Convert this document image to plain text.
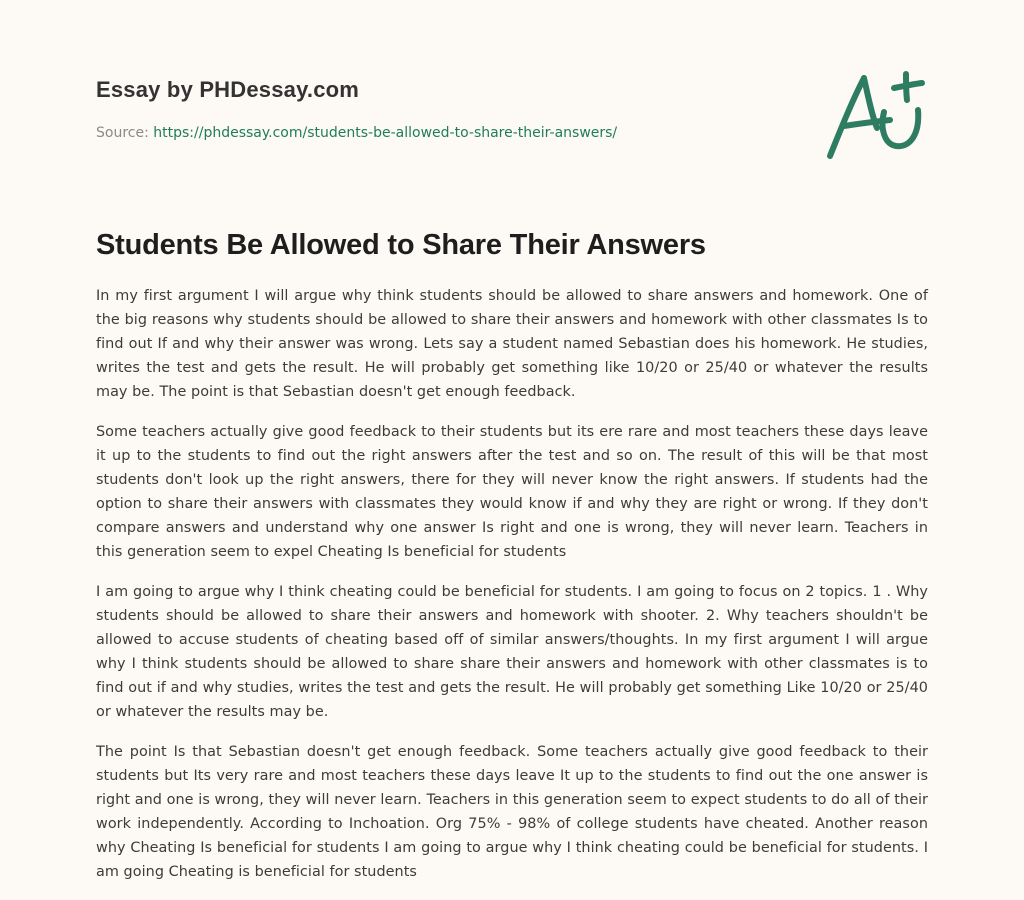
Essay by PHDessay.com
Source: https://phdessay.com/students-be-allowed-to-share-their-answers/
Students Be Allowed to Share Their Answers

In my first argument I will argue why think students should be allowed to share answers and homework. One of the big reasons why students should be allowed to share their answers and homework with other classmates Is to find out If and why their answer was wrong. Lets say a student named Sebastian does his homework. He studies, writes the test and gets the result. He will probably get something like 10/20 or 25/40 or whatever the results may be. The point is that Sebastian doesn't get enough feedback.

Some teachers actually give good feedback to their students but its ere rare and most teachers these days leave it up to the students to find out the right answers after the test and so on. The result of this will be that most students don't look up the right answers, there for they will never know the right answers. If students had the option to share their answers with classmates they would know if and why they are right or wrong. If they don't compare answers and understand why one answer Is right and one is wrong, they will never learn. Teachers in this generation seem to expel Cheating Is beneficial for students

I am going to argue why I think cheating could be beneficial for students. I am going to focus on 2 topics. 1 . Why students should be allowed to share their answers and homework with shooter. 2. Why teachers shouldn't be allowed to accuse students of cheating based off of similar answers/thoughts. In my first argument I will argue why I think students should be allowed to share share their answers and homework with other classmates is to find out if and why studies, writes the test and gets the result. He will probably get something Like 10/20 or 25/40 or whatever the results may be.

The point Is that Sebastian doesn't get enough feedback. Some teachers actually give good feedback to their students but Its very rare and most teachers these days leave It up to the students to find out the one answer is right and one is wrong, they will never learn. Teachers in this generation seem to expect students to do all of their work independently. According to Inchoation. Org 75% - 98% of college students have cheated. Another reason why Cheating Is beneficial for students I am going to argue why I think cheating could be beneficial for students. I am going Cheating is beneficial for students
